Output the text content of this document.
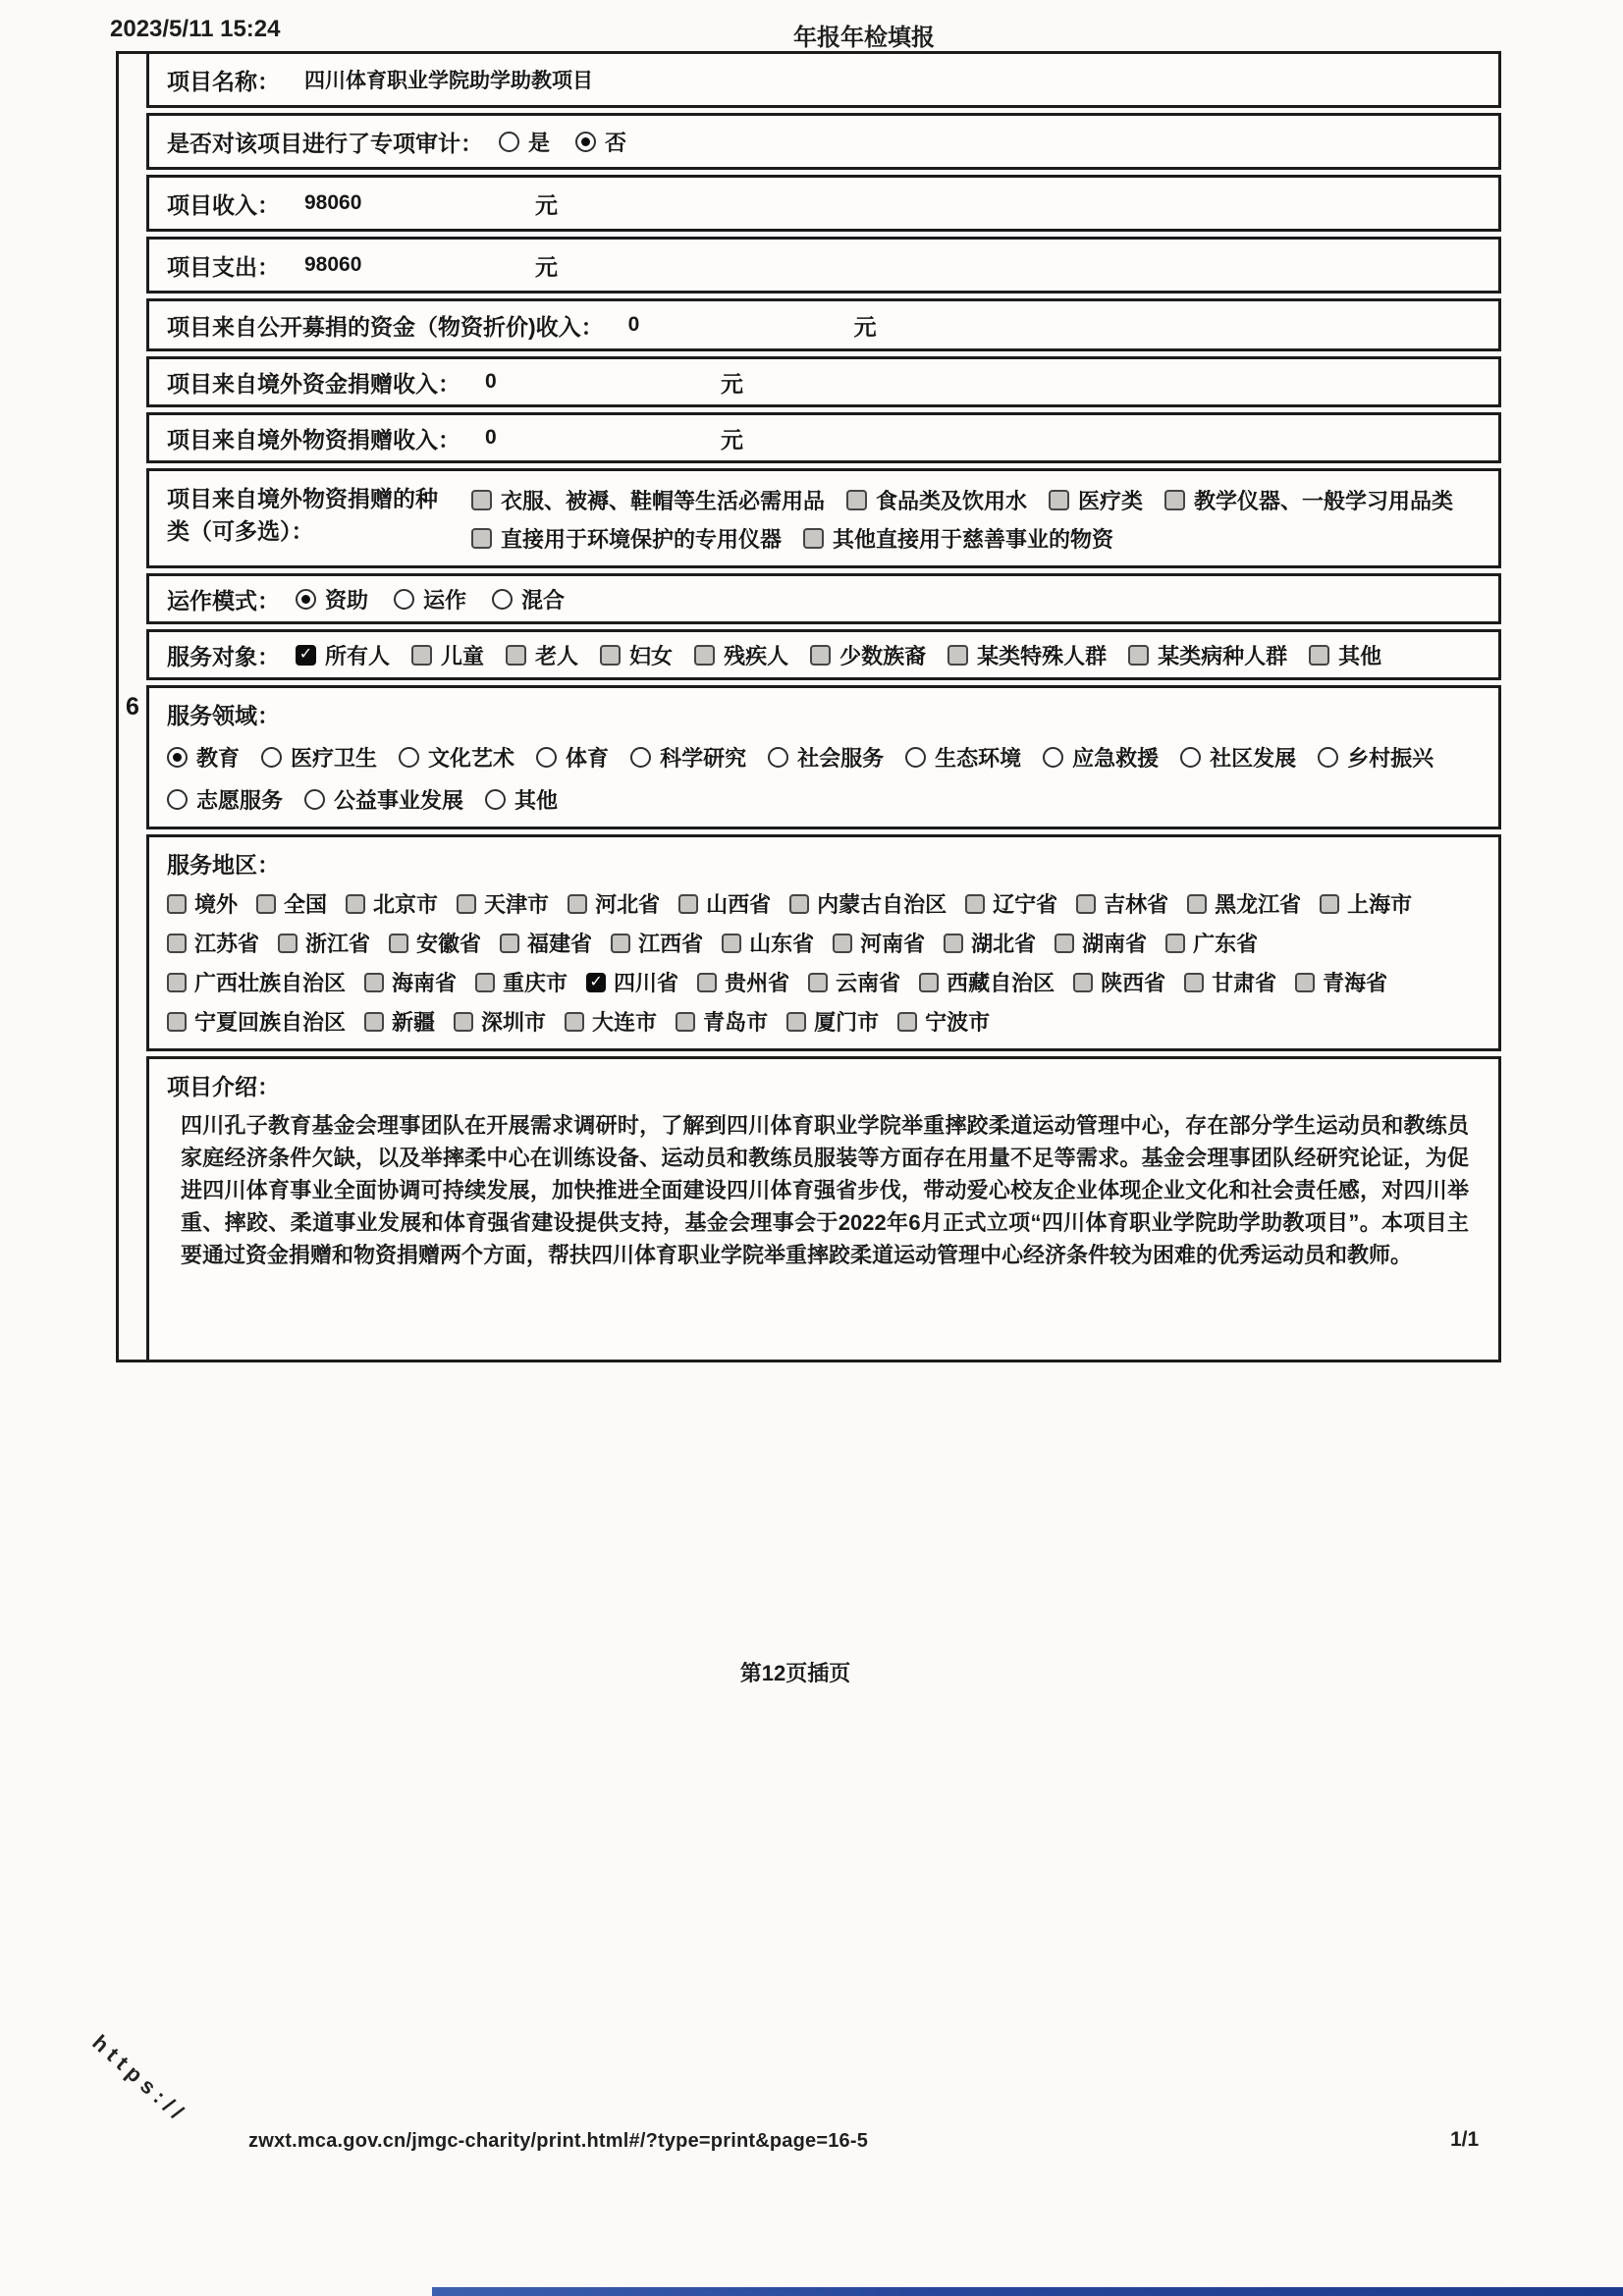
2023/5/11 15:24	年报年检填报
6
项目名称： 四川体育职业学院助学助教项目
是否对该项目进行了专项审计： 是	否
项目收入： 98060	元
项目支出： 98060	元
项目来自公开募捐的资金（物资折价)收入： 0	元
项目来自境外资金捐赠收入： 0	元
项目来自境外物资捐赠收入： 0	元
项目来自境外物资捐赠的种类（可多选）：
衣服、被褥、鞋帽等生活必需用品 食品类及饮用水 医疗类 教学仪器、一般学习用品类
直接用于环境保护的专用仪器 其他直接用于慈善事业的物资
运作模式： 资助	运作	混合
服务对象： ✓ 所有人 儿童 老人 妇女 残疾人 少数族裔 某类特殊人群 某类病种人群 其他
服务领域：
教育 医疗卫生 文化艺术 体育 科学研究 社会服务 生态环境 应急救援 社区发展 乡村振兴
志愿服务 公益事业发展 其他
服务地区：
境外 全国 北京市 天津市 河北省 山西省 内蒙古自治区 辽宁省 吉林省 黑龙江省 上海市
江苏省 浙江省 安徽省 福建省 江西省 山东省 河南省 湖北省 湖南省 广东省
广西壮族自治区 海南省 重庆市 ✓ 四川省 贵州省 云南省 西藏自治区 陕西省 甘肃省 青海省
宁夏回族自治区 新疆 深圳市 大连市 青岛市 厦门市 宁波市
项目介绍：
四川孔子教育基金会理事团队在开展需求调研时，了解到四川体育职业学院举重摔跤柔道运动管理中心，存在部分学生运动员和教练员家庭经济条件欠缺，以及举摔柔中心在训练设备、运动员和教练员服装等方面存在用量不足等需求。基金会理事团队经研究论证，为促进四川体育事业全面协调可持续发展，加快推进全面建设四川体育强省步伐，带动爱心校友企业体现企业文化和社会责任感，对四川举重、摔跤、柔道事业发展和体育强省建设提供支持，基金会理事会于2022年6月正式立项“四川体育职业学院助学助教项目”。本项目主要通过资金捐赠和物资捐赠两个方面，帮扶四川体育职业学院举重摔跤柔道运动管理中心经济条件较为困难的优秀运动员和教师。
第12页插页
https://
zwxt.mca.gov.cn/jmgc-charity/print.html#/?type=print&page=16-5	1/1
